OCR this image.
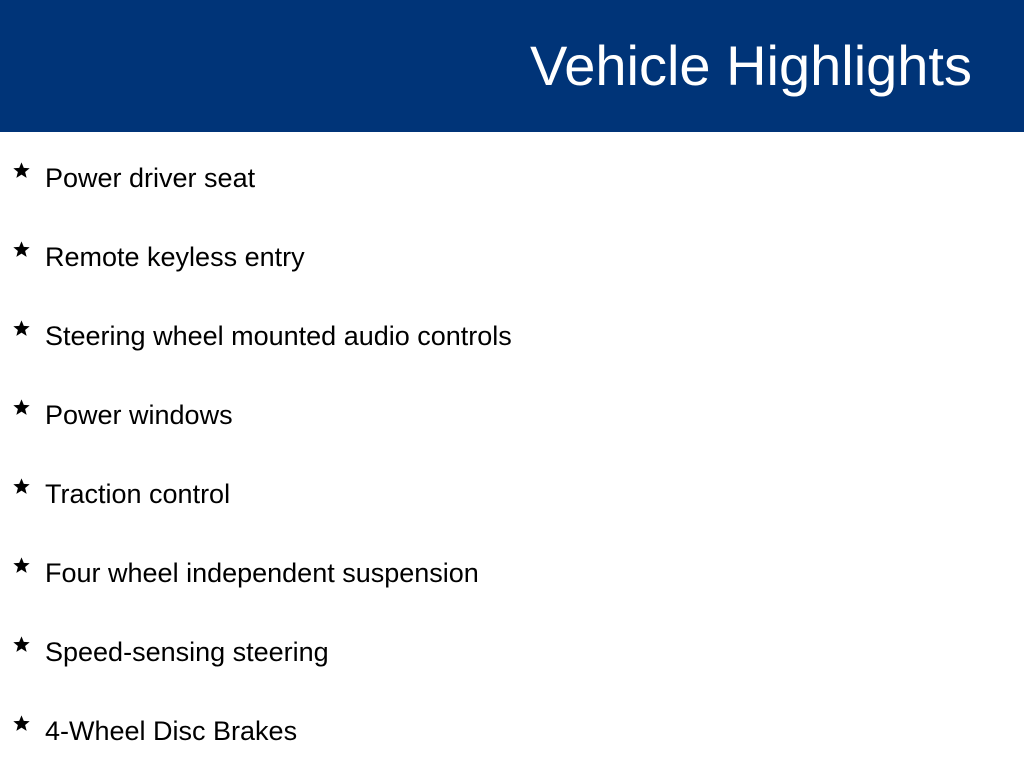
Vehicle Highlights
Power driver seat
Remote keyless entry
Steering wheel mounted audio controls
Power windows
Traction control
Four wheel independent suspension
Speed-sensing steering
4-Wheel Disc Brakes
